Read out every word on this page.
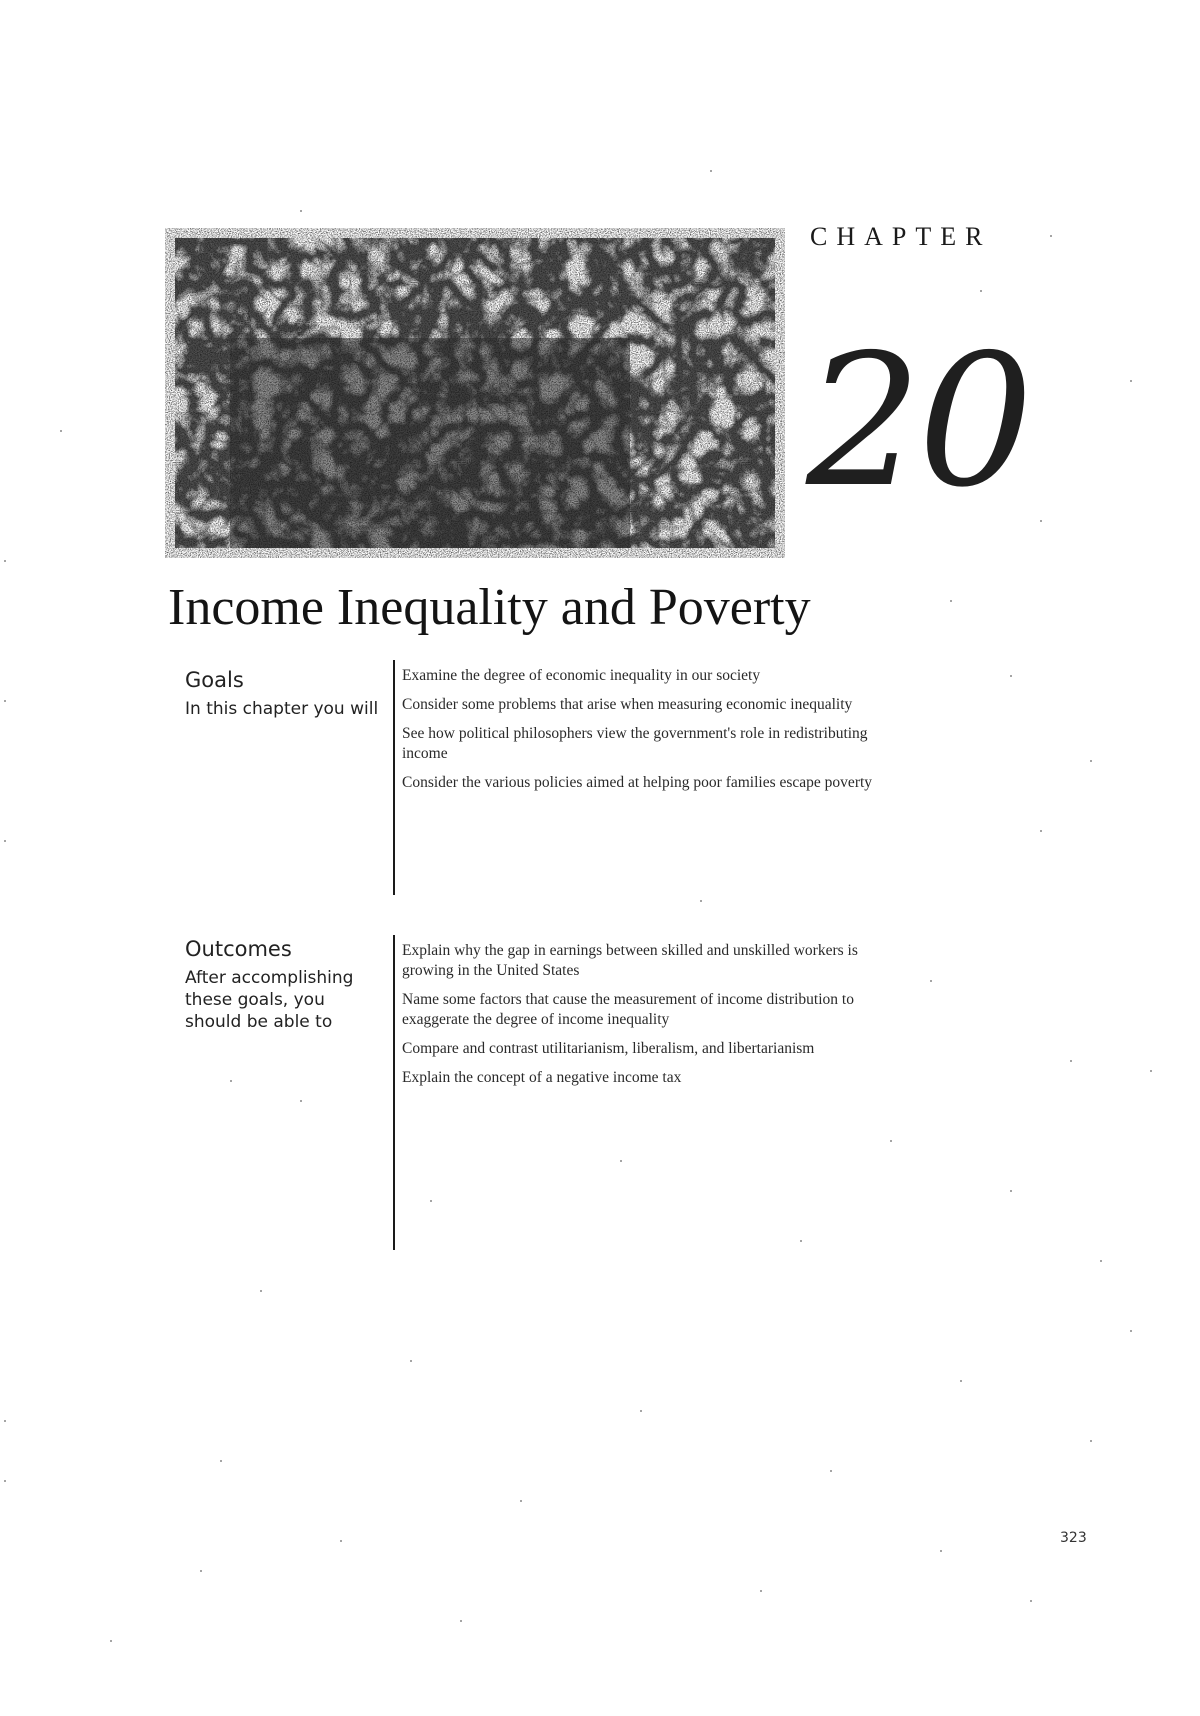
CHAPTER
20
Income Inequality and Poverty
Goals
In this chapter you will
Examine the degree of economic inequality in our society
Consider some problems that arise when measuring economic inequality
See how political philosophers view the government's role in redistributing income
Consider the various policies aimed at helping poor families escape poverty
Outcomes
After accomplishing these goals, you should be able to
Explain why the gap in earnings between skilled and unskilled workers is growing in the United States
Name some factors that cause the measurement of income distribution to exaggerate the degree of income inequality
Compare and contrast utilitarianism, liberalism, and libertarianism
Explain the concept of a negative income tax
323
